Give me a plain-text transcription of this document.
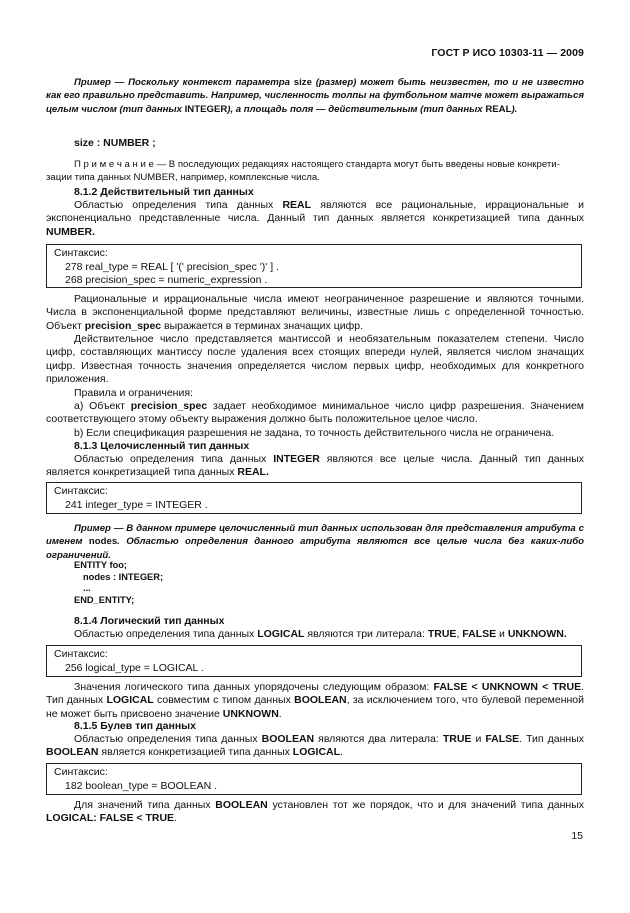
ГОСТ Р ИСО 10303-11 — 2009
Пример — Поскольку контекст параметра size (размер) может быть неизвестен, то и не известно как его правильно представить. Например, численность толпы на футбольном матче может выражаться целым числом (тип данных INTEGER), а площадь поля — действительным (тип данных REAL).
size : NUMBER ;
П р и м е ч а н и е — В последующих редакциях настоящего стандарта могут быть введены новые конкрети-
зации типа данных NUMBER, например, комплексные числа.
8.1.2 Действительный тип данных
Областью определения типа данных REAL являются все рациональные, иррациональные и экспоненциально представленные числа. Данный тип данных является конкретизацией типа данных NUMBER.
Синтаксис:
278 real_type = REAL [ '(' precision_spec ')' ] .
268 precision_spec = numeric_expression .
Рациональные и иррациональные числа имеют неограниченное разрешение и являются точными. Числа в экспоненциальной форме представляют величины, известные лишь с определенной точностью. Объект precision_spec выражается в терминах значащих цифр.
Действительное число представляется мантиссой и необязательным показателем степени. Число цифр, составляющих мантиссу после удаления всех стоящих впереди нулей, является числом значащих цифр. Известная точность значения определяется числом первых цифр, необходимых для конкретного приложения.
Правила и ограничения:
a) Объект precision_spec задает необходимое минимальное число цифр разрешения. Значением соответствующего этому объекту выражения должно быть положительное целое число.
b) Если спецификация разрешения не задана, то точность действительного числа не ограничена.
8.1.3 Целочисленный тип данных
Областью определения типа данных INTEGER являются все целые числа. Данный тип данных является конкретизацией типа данных REAL.
Синтаксис:
241 integer_type = INTEGER .
Пример — В данном примере целочисленный тип данных использован для представления атрибута с именем nodes. Областью определения данного атрибута являются все целые числа без каких-либо ограничений.
ENTITY foo;
nodes : INTEGER;
...
END_ENTITY;
8.1.4 Логический тип данных
Областью определения типа данных LOGICAL являются три литерала: TRUE, FALSE и UNKNOWN.
Синтаксис:
256 logical_type = LOGICAL .
Значения логического типа данных упорядочены следующим образом: FALSE < UNKNOWN < TRUE. Тип данных LOGICAL совместим с типом данных BOOLEAN, за исключением того, что булевой переменной не может быть присвоено значение UNKNOWN.
8.1.5 Булев тип данных
Областью определения типа данных BOOLEAN являются два литерала: TRUE и FALSE. Тип данных BOOLEAN является конкретизацией типа данных LOGICAL.
Синтаксис:
182 boolean_type = BOOLEAN .
Для значений типа данных BOOLEAN установлен тот же порядок, что и для значений типа данных LOGICAL: FALSE < TRUE.
15
